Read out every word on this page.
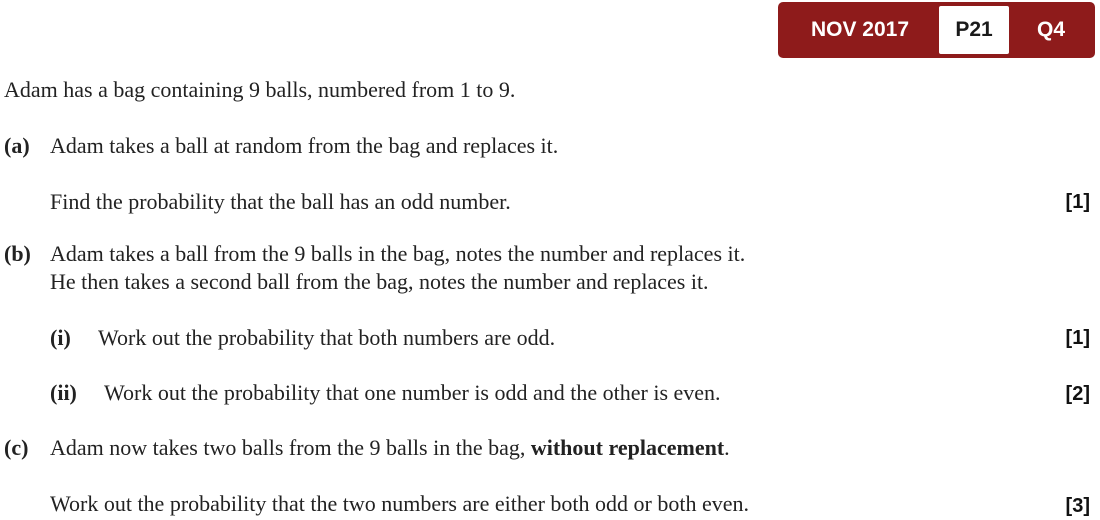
NOV 2017	P21	Q4
Adam has a bag containing 9 balls, numbered from 1 to 9.
(a) Adam takes a ball at random from the bag and replaces it.
Find the probability that the ball has an odd number.	[1]
(b) Adam takes a ball from the 9 balls in the bag, notes the number and replaces it.
He then takes a second ball from the bag, notes the number and replaces it.
(i) Work out the probability that both numbers are odd.	[1]
(ii) Work out the probability that one number is odd and the other is even.	[2]
(c) Adam now takes two balls from the 9 balls in the bag, without replacement.
Work out the probability that the two numbers are either both odd or both even.	[3]
